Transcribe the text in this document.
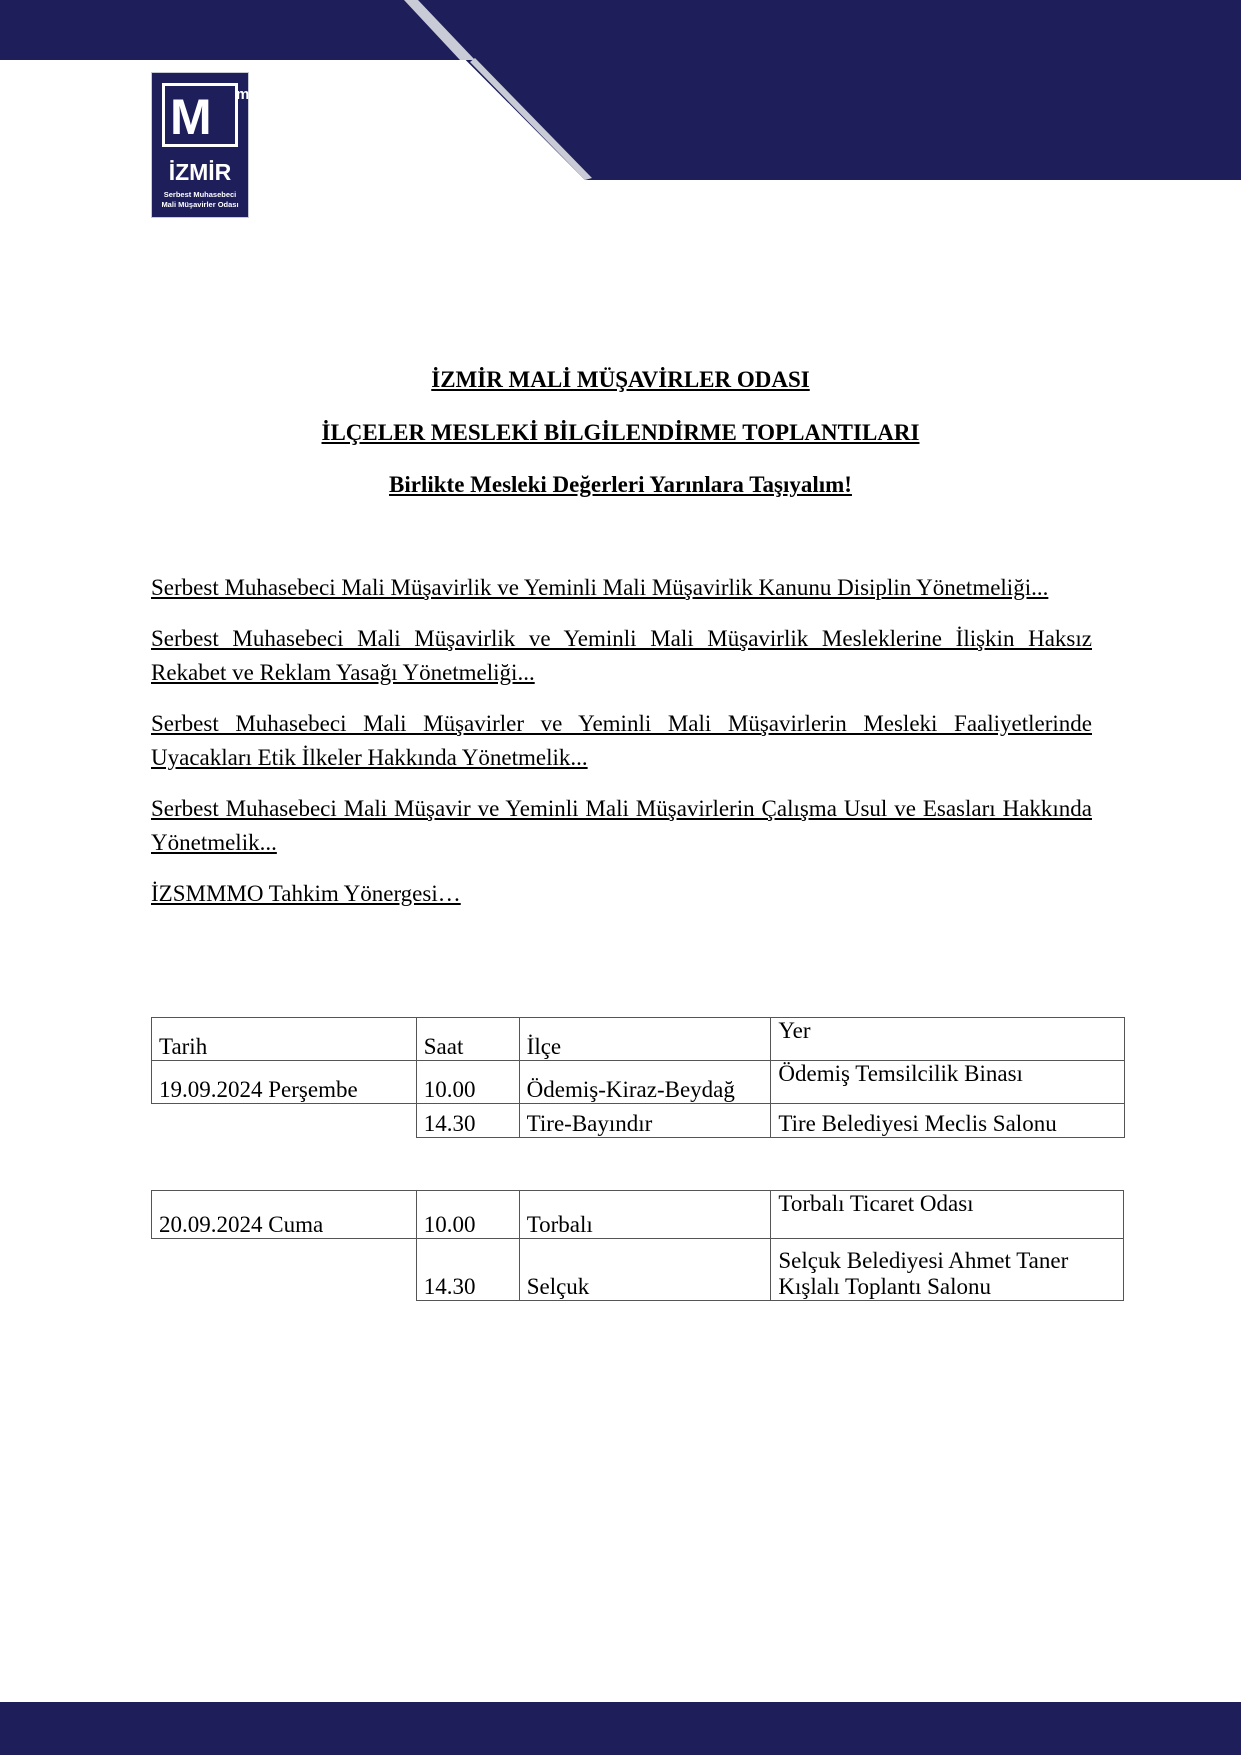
M m
İZMİR
Serbest Muhasebeci
Mali Müşavirler Odası
İZMİR MALİ MÜŞAVİRLER ODASI
İLÇELER MESLEKİ BİLGİLENDİRME TOPLANTILARI
Birlikte Mesleki Değerleri Yarınlara Taşıyalım!
Serbest Muhasebeci Mali Müşavirlik ve Yeminli Mali Müşavirlik Kanunu Disiplin Yönetmeliği...
Serbest Muhasebeci Mali Müşavirlik ve Yeminli Mali Müşavirlik Mesleklerine İlişkin Haksız Rekabet ve Reklam Yasağı Yönetmeliği...
Serbest Muhasebeci Mali Müşavirler ve Yeminli Mali Müşavirlerin Mesleki Faaliyetlerinde Uyacakları Etik İlkeler Hakkında Yönetmelik...
Serbest Muhasebeci Mali Müşavir ve Yeminli Mali Müşavirlerin Çalışma Usul ve Esasları Hakkında Yönetmelik...
İZSMMMO Tahkim Yönergesi…
Tarih	Saat	İlçe	Yer
19.09.2024 Perşembe	10.00	Ödemiş-Kiraz-Beydağ	Ödemiş Temsilcilik Binası
	14.30	Tire-Bayındır	Tire Belediyesi Meclis Salonu
20.09.2024 Cuma	10.00	Torbalı	Torbalı Ticaret Odası
	14.30	Selçuk	Selçuk Belediyesi Ahmet Taner Kışlalı Toplantı Salonu
